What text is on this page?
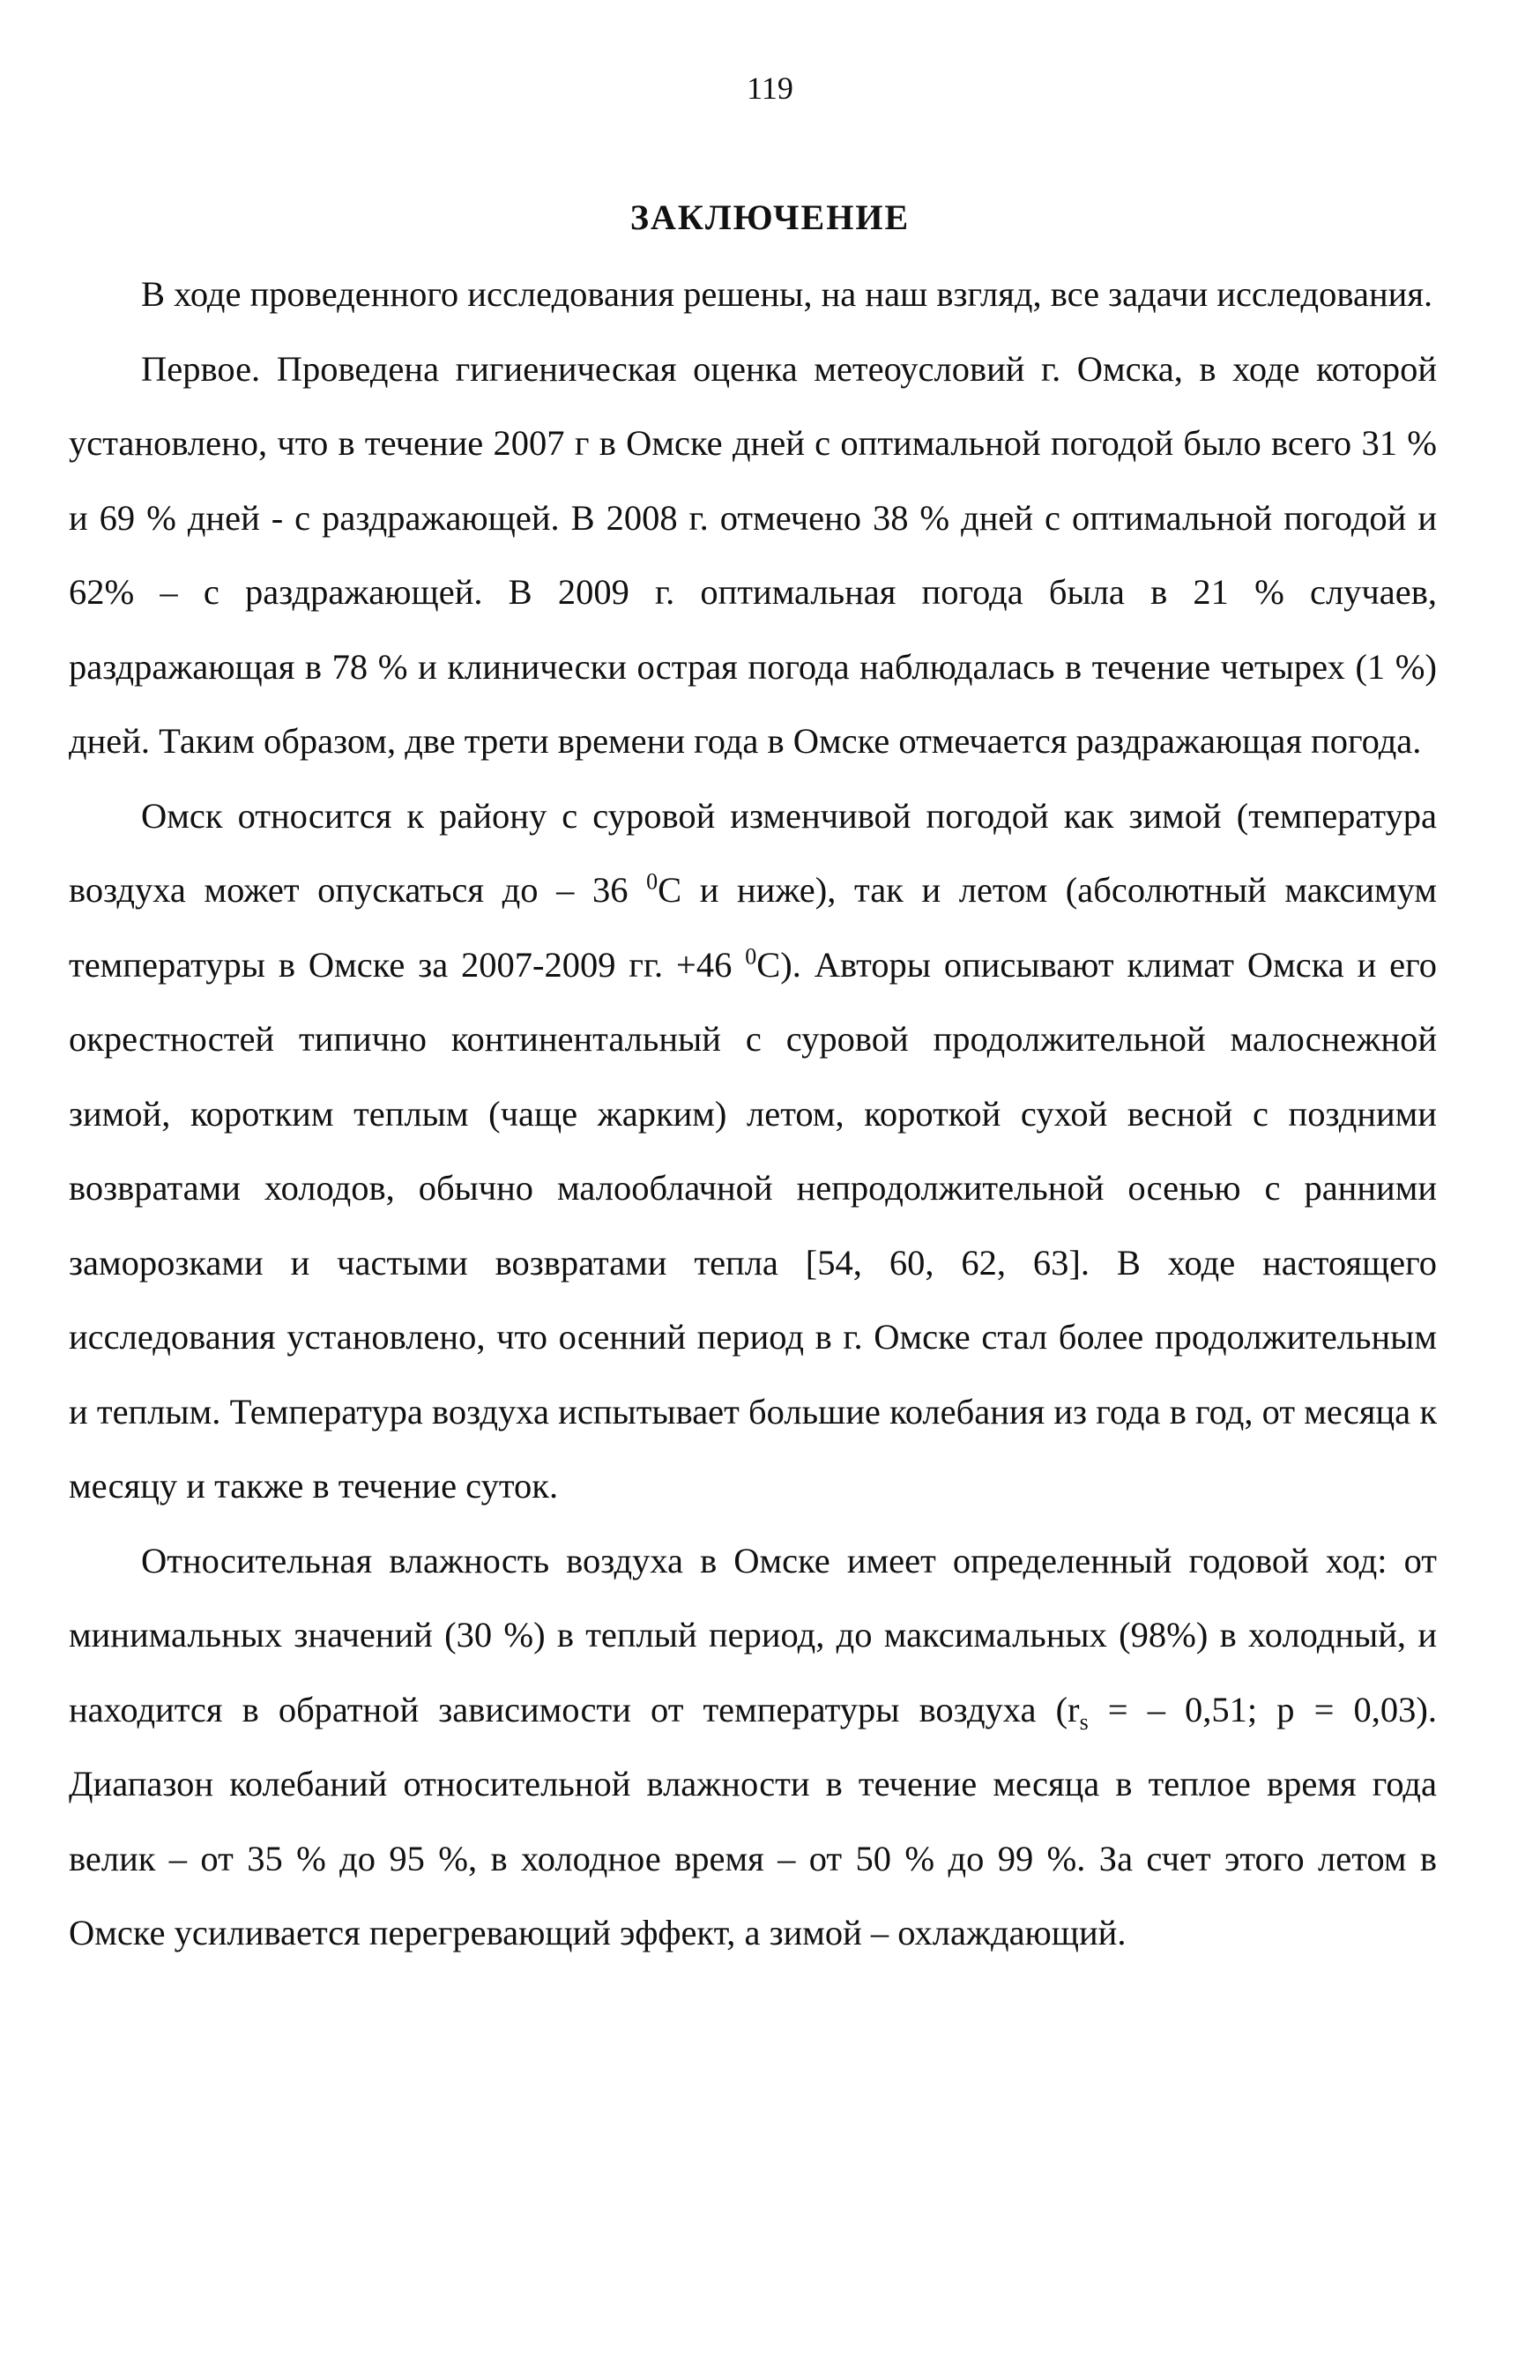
119
ЗАКЛЮЧЕНИЕ

В ходе проведенного исследования решены, на наш взгляд, все задачи исследования.

Первое. Проведена гигиеническая оценка метеоусловий г. Омска, в ходе которой установлено, что в течение 2007 г в Омске дней с оптимальной погодой было всего 31 % и 69 % дней - с раздражающей. В 2008 г. отмечено 38 % дней с оптимальной погодой и 62% – с раздражающей. В 2009 г. оптимальная погода была в 21 % случаев, раздражающая в 78 % и клинически острая погода наблюдалась в течение четырех (1 %) дней. Таким образом, две трети времени года в Омске отмечается раздражающая погода.

Омск относится к району с суровой изменчивой погодой как зимой (температура воздуха может опускаться до – 36 $^0$С и ниже), так и летом (абсолютный максимум температуры в Омске за 2007-2009 гг. +46 $^0$С). Авторы описывают климат Омска и его окрестностей типично континентальный с суровой продолжительной малоснежной зимой, коротким теплым (чаще жарким) летом, короткой сухой весной с поздними возвратами холодов, обычно малооблачной непродолжительной осенью с ранними заморозками и частыми возвратами тепла [54, 60, 62, 63]. В ходе настоящего исследования установлено, что осенний период в г. Омске стал более продолжительным и теплым. Температура воздуха испытывает большие колебания из года в год, от месяца к месяцу и также в течение суток.

Относительная влажность воздуха в Омске имеет определенный годовой ход: от минимальных значений (30 %) в теплый период, до максимальных (98%) в холодный, и находится в обратной зависимости от температуры воздуха ($r_s$ = – 0,51; p = 0,03). Диапазон колебаний относительной влажности в течение месяца в теплое время года велик – от 35 % до 95 %, в холодное время – от 50 % до 99 %. За счет этого летом в Омске усиливается перегревающий эффект, а зимой – охлаждающий.
